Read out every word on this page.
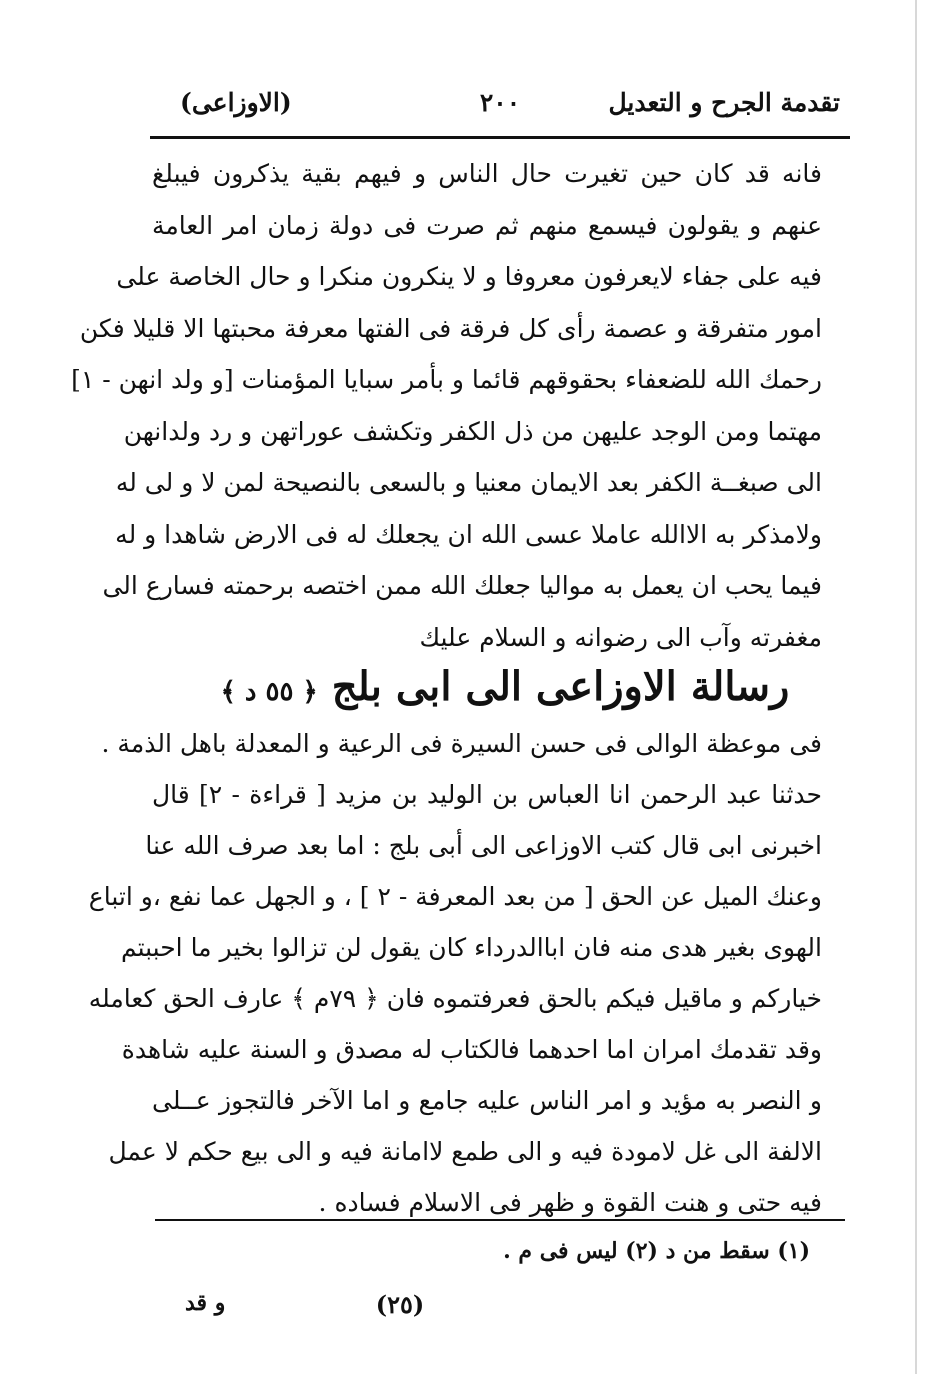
تقدمة الجرح و التعديل
٢٠٠
(الاوزاعى)
فانه قد كان حين تغيرت حال الناس و فيهم بقية يذكرون فيبلغ
عنهم و يقولون فيسمع منهم ثم صرت فى دولة زمان امر العامة
فيه على جفاء لايعرفون معروفا و لا ينكرون منكرا و حال الخاصة على
امور متفرقة و عصمة رأى كل فرقة فى الفتها معرفة محبتها الا قليلا فكن
رحمك الله للضعفاء بحقوقهم قائما و بأمر سبايا المؤمنات [و ولد انهن - ١]
مهتما ومن الوجد عليهن من ذل الكفر وتكشف عوراتهن و رد ولدانهن
الى صبغــة الكفر بعد الايمان معنيا و بالسعى بالنصيحة لمن لا و لى له
ولامذكر به الاالله عاملا عسى الله ان يجعلك له فى الارض شاهدا و له
فيما يحب ان يعمل به مواليا جعلك الله ممن اختصه برحمته فسارع الى
مغفرته وآب الى رضوانه و السلام عليك
رسالة الاوزاعى الى ابى بلج ﴿ ٥٥ د ﴾
فى موعظة الوالى فى حسن السيرة فى الرعية و المعدلة باهل الذمة .
حدثنا عبد الرحمن انا العباس بن الوليد بن مزيد [ قراءة - ٢] قال
اخبرنى ابى قال كتب الاوزاعى الى أبى بلج : اما بعد صرف الله عنا
وعنك الميل عن الحق [ من بعد المعرفة - ٢ ] ، و الجهل عما نفع ،و اتباع
الهوى بغير هدى منه فان اباالدرداء كان يقول لن تزالوا بخير ما احببتم
خياركم و ماقيل فيكم بالحق فعرفتموه فان ﴿ ٧٩م ﴾ عارف الحق كعامله
وقد تقدمك امران اما احدهما فالكتاب له مصدق و السنة عليه شاهدة
و النصر به مؤيد و امر الناس عليه جامع و اما الآخر فالتجوز عــلى
الالفة الى غل لامودة فيه و الى طمع لاامانة فيه و الى بيع حكم لا عمل
فيه حتى و هنت القوة و ظهر فى الاسلام فساده .
(١) سقط من د (٢) ليس فى م .
(٢٥)
و قد
